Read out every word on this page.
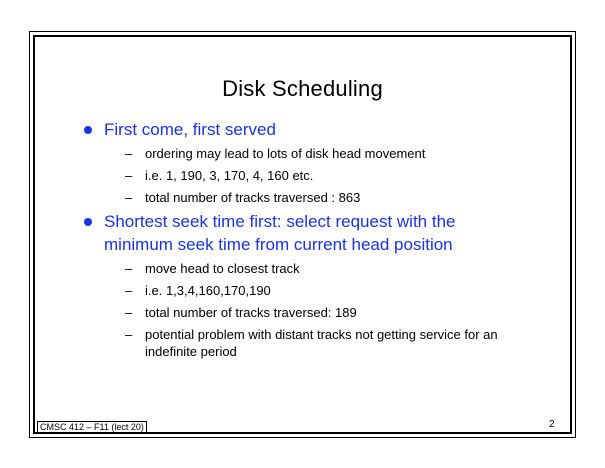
Disk Scheduling
First come, first served
– ordering may lead to lots of disk head movement
– i.e. 1, 190, 3, 170, 4, 160 etc.
– total number of tracks traversed : 863
Shortest seek time first: select request with the minimum seek time from current head position
– move head to closest track
– i.e. 1,3,4,160,170,190
– total number of tracks traversed: 189
– potential problem with distant tracks not getting service for an indefinite period
CMSC 412 – F11 (lect 20)	2
